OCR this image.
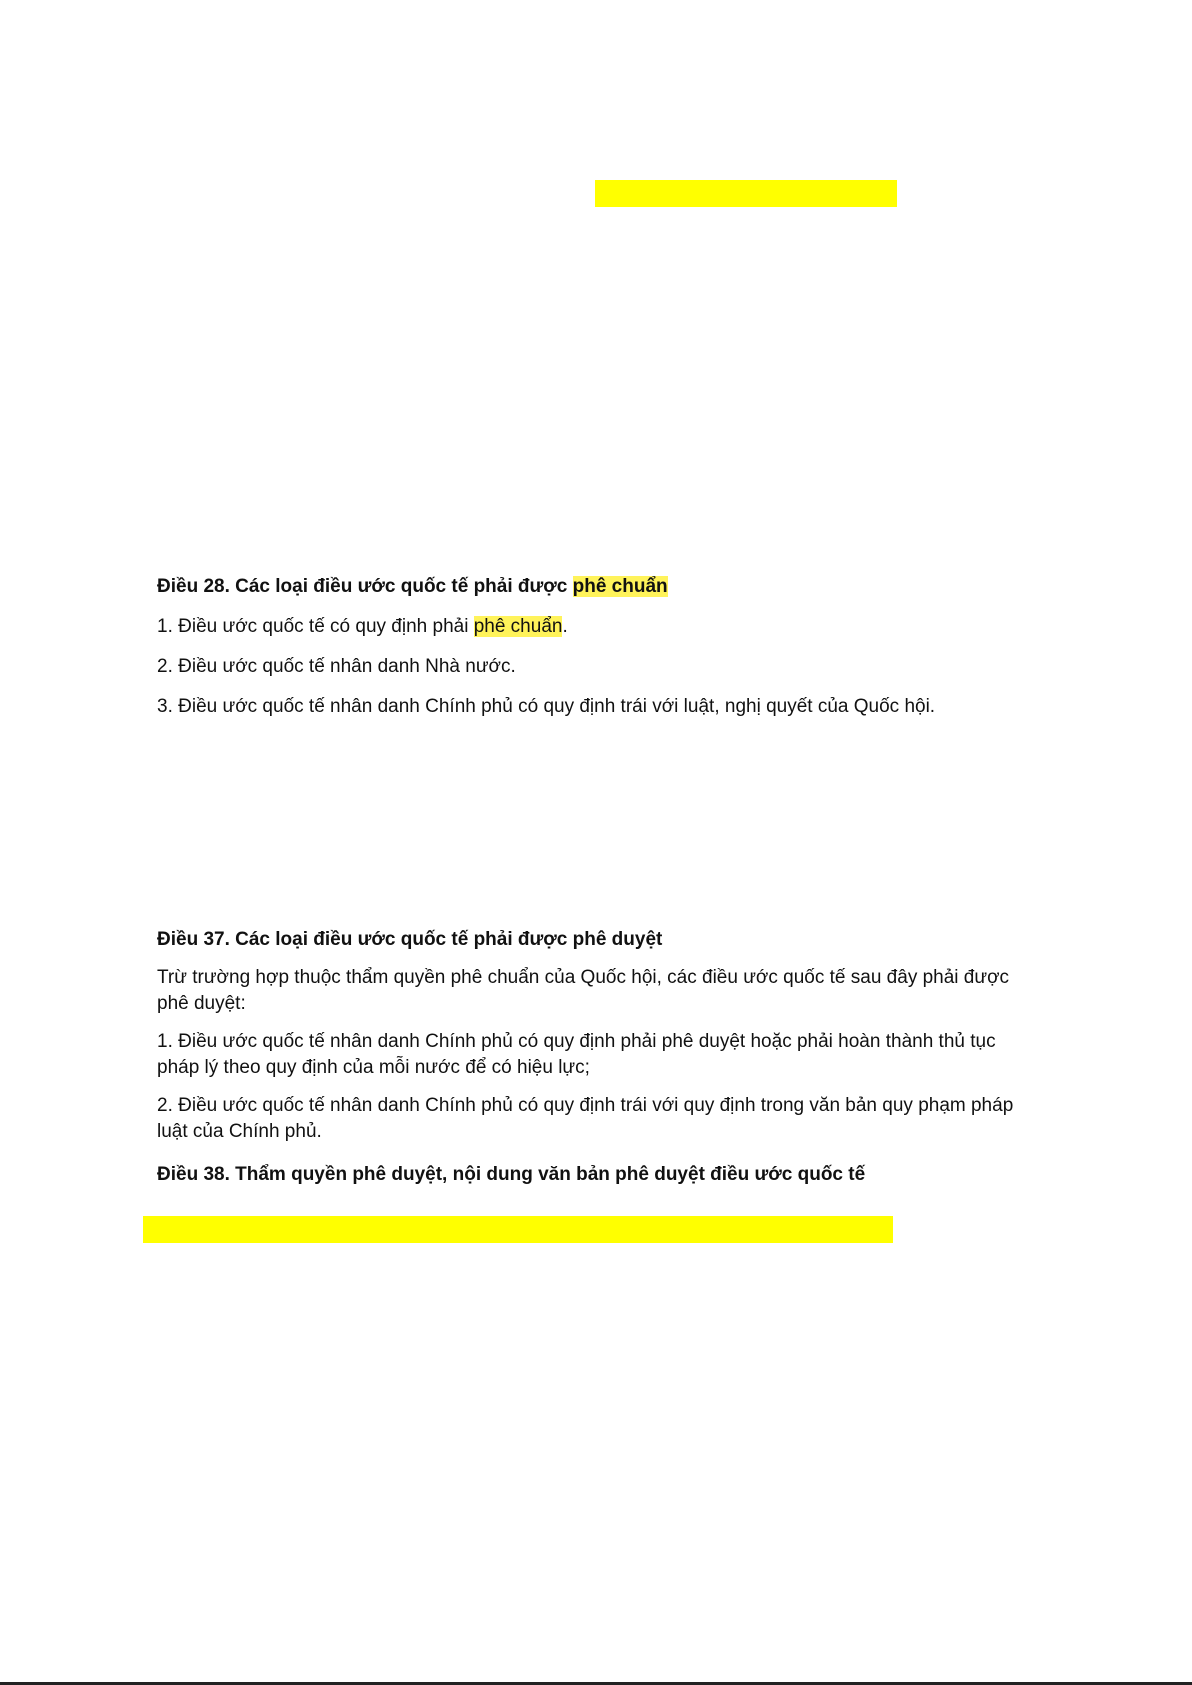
Điều 28. Các loại điều ước quốc tế phải được phê chuẩn

1. Điều ước quốc tế có quy định phải phê chuẩn.

2. Điều ước quốc tế nhân danh Nhà nước.

3. Điều ước quốc tế nhân danh Chính phủ có quy định trái với luật, nghị quyết của Quốc hội.

Điều 37. Các loại điều ước quốc tế phải được phê duyệt

Trừ trường hợp thuộc thẩm quyền phê chuẩn của Quốc hội, các điều ước quốc tế sau đây phải được phê duyệt:

1. Điều ước quốc tế nhân danh Chính phủ có quy định phải phê duyệt hoặc phải hoàn thành thủ tục pháp lý theo quy định của mỗi nước để có hiệu lực;

2. Điều ước quốc tế nhân danh Chính phủ có quy định trái với quy định trong văn bản quy phạm pháp luật của Chính phủ.

Điều 38. Thẩm quyền phê duyệt, nội dung văn bản phê duyệt điều ước quốc tế
